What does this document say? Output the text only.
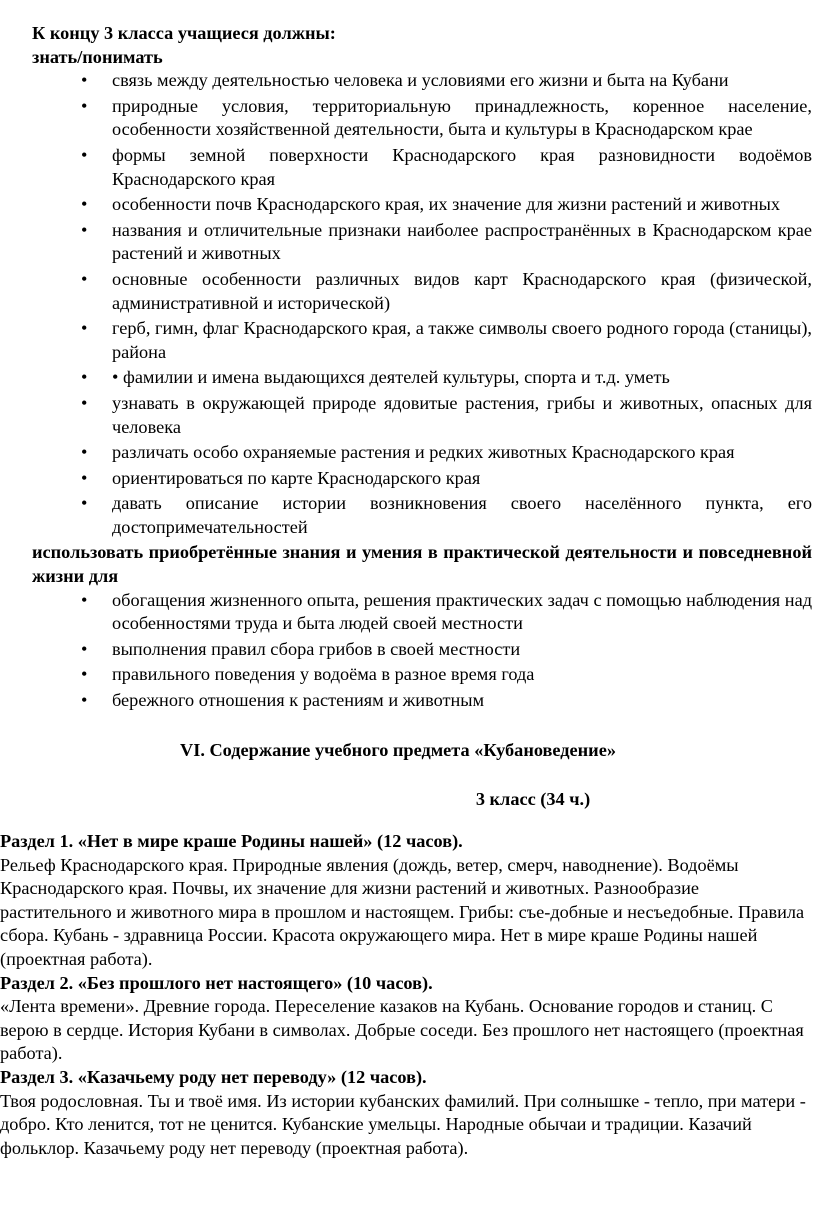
К концу 3 класса учащиеся должны:

знать/понимать

• связь между деятельностью человека и условиями его жизни и быта на Кубани
• природные условия, территориальную принадлежность, коренное население, особенности хозяйственной деятельности, быта и культуры в Краснодарском крае
• формы земной поверхности Краснодарского края разновидности водоёмов Краснодарского края
• особенности почв Краснодарского края, их значение для жизни растений и животных
• названия и отличительные признаки наиболее распространённых в Краснодарском крае растений и животных
• основные особенности различных видов карт Краснодарского края (физической, административной и исторической)
• герб, гимн, флаг Краснодарского края, а также символы своего родного города (станицы), района
• • фамилии и имена выдающихся деятелей культуры, спорта и т.д. уметь
• узнавать в окружающей природе ядовитые растения, грибы и животных, опасных для человека
• различать особо охраняемые растения и редких животных Краснодарского края
• ориентироваться по карте Краснодарского края
• давать описание истории возникновения своего населённого пункта, его достопримечательностей

использовать приобретённые знания и умения в практической деятельности и повседневной жизни для

• обогащения жизненного опыта, решения практических задач с помощью наблюдения над особенностями труда и быта людей своей местности
• выполнения правил сбора грибов в своей местности
• правильного поведения у водоёма в разное время года
• бережного отношения к растениям и животным

VI. Содержание учебного предмета «Кубановедение»

3 класс (34 ч.)

Раздел 1. «Нет в мире краше Родины нашей» (12 часов).

Рельеф Краснодарского края. Природные явления (дождь, ветер, смерч, наводнение). Водоёмы Краснодарского края. Почвы, их значение для жизни растений и животных. Разнообразие растительного и животного мира в прошлом и настоящем. Грибы: съе-добные и несъедобные. Правила сбора. Кубань - здравница России. Красота окружающего мира. Нет в мире краше Родины нашей (проектная работа).

Раздел 2. «Без прошлого нет настоящего» (10 часов).

«Лента времени». Древние города. Переселение казаков на Кубань. Основание городов и станиц. С верою в сердце. История Кубани в символах. Добрые соседи. Без прошлого нет настоящего (проектная работа).

Раздел 3. «Казачьему роду нет переводу» (12 часов).

Твоя родословная. Ты и твоё имя. Из истории кубанских фамилий. При солнышке - тепло, при матери - добро. Кто ленится, тот не ценится. Кубанские умельцы. Народные обычаи и традиции. Казачий фольклор. Казачьему роду нет переводу (проектная работа).
